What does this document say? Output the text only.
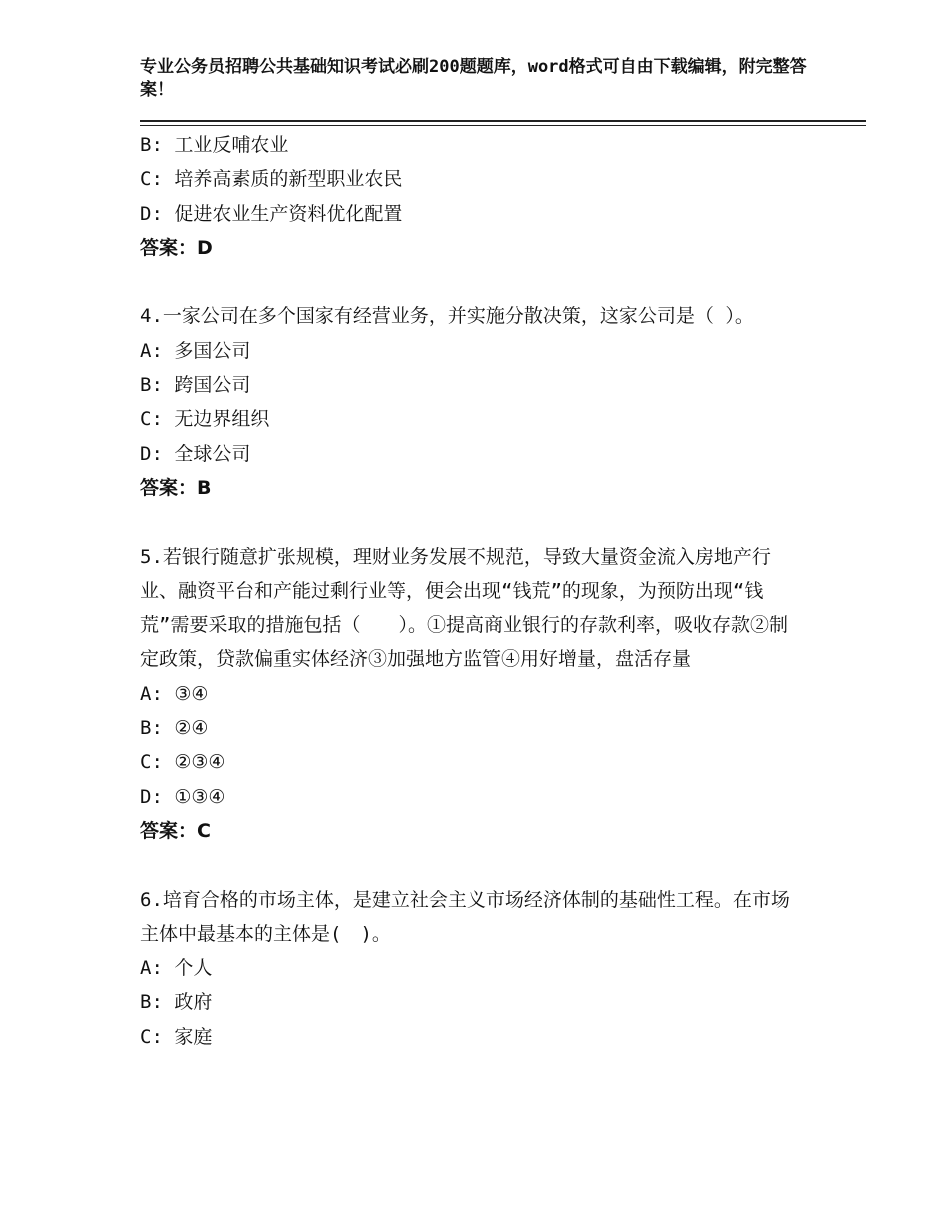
专业公务员招聘公共基础知识考试必刷200题题库，word格式可自由下载编辑，附完整答案！
B: 工业反哺农业
C: 培养高素质的新型职业农民
D: 促进农业生产资料优化配置
答案：D
4.一家公司在多个国家有经营业务，并实施分散决策，这家公司是（ ）。
A: 多国公司
B: 跨国公司
C: 无边界组织
D: 全球公司
答案：B
5.若银行随意扩张规模，理财业务发展不规范，导致大量资金流入房地产行业、融资平台和产能过剩行业等，便会出现“钱荒”的现象，为预防出现“钱荒”需要采取的措施包括（　　）。①提高商业银行的存款利率，吸收存款②制定政策，贷款偏重实体经济③加强地方监管④用好增量，盘活存量
A: ③④
B: ②④
C: ②③④
D: ①③④
答案：C
6.培育合格的市场主体，是建立社会主义市场经济体制的基础性工程。在市场主体中最基本的主体是(　)。
A: 个人
B: 政府
C: 家庭
